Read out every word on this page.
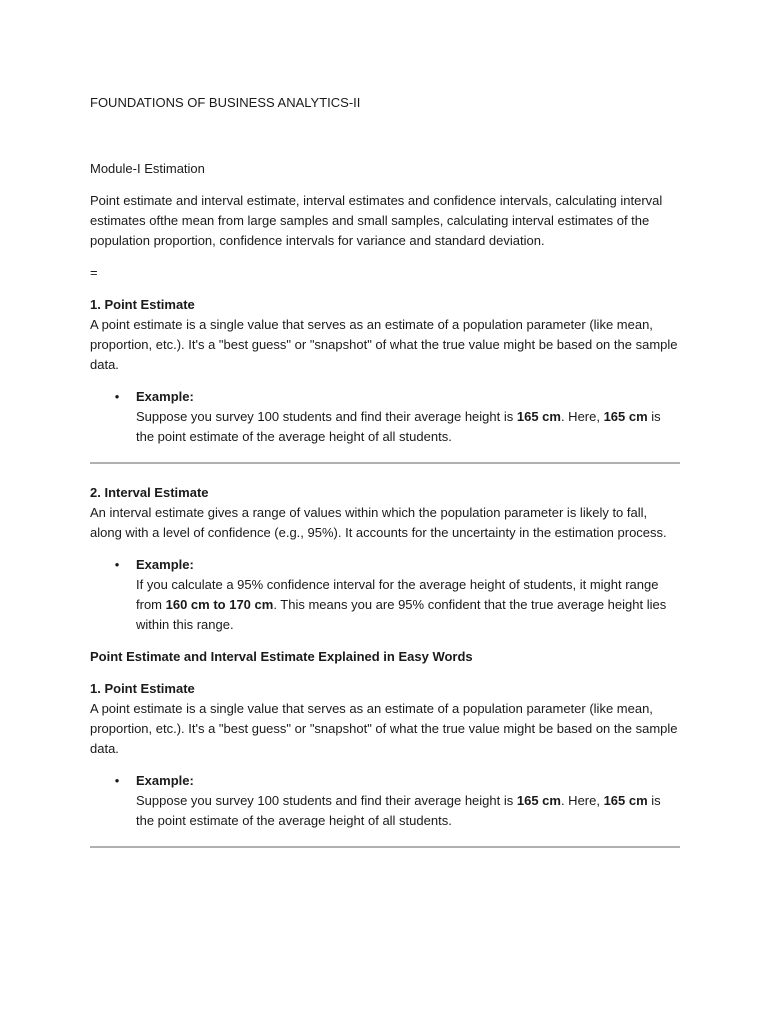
FOUNDATIONS OF BUSINESS ANALYTICS-II

Module-I Estimation

Point estimate and interval estimate, interval estimates and confidence intervals, calculating interval estimates ofthe mean from large samples and small samples, calculating interval estimates of the population proportion, confidence intervals for variance and standard deviation.

=

1. Point Estimate

A point estimate is a single value that serves as an estimate of a population parameter (like mean, proportion, etc.). It's a "best guess" or "snapshot" of what the true value might be based on the sample data.

• Example:
Suppose you survey 100 students and find their average height is 165 cm. Here, 165 cm is the point estimate of the average height of all students.

2. Interval Estimate

An interval estimate gives a range of values within which the population parameter is likely to fall, along with a level of confidence (e.g., 95%). It accounts for the uncertainty in the estimation process.

• Example:
If you calculate a 95% confidence interval for the average height of students, it might range from 160 cm to 170 cm. This means you are 95% confident that the true average height lies within this range.

Point Estimate and Interval Estimate Explained in Easy Words

1. Point Estimate

A point estimate is a single value that serves as an estimate of a population parameter (like mean, proportion, etc.). It's a "best guess" or "snapshot" of what the true value might be based on the sample data.

• Example:
Suppose you survey 100 students and find their average height is 165 cm. Here, 165 cm is the point estimate of the average height of all students.
